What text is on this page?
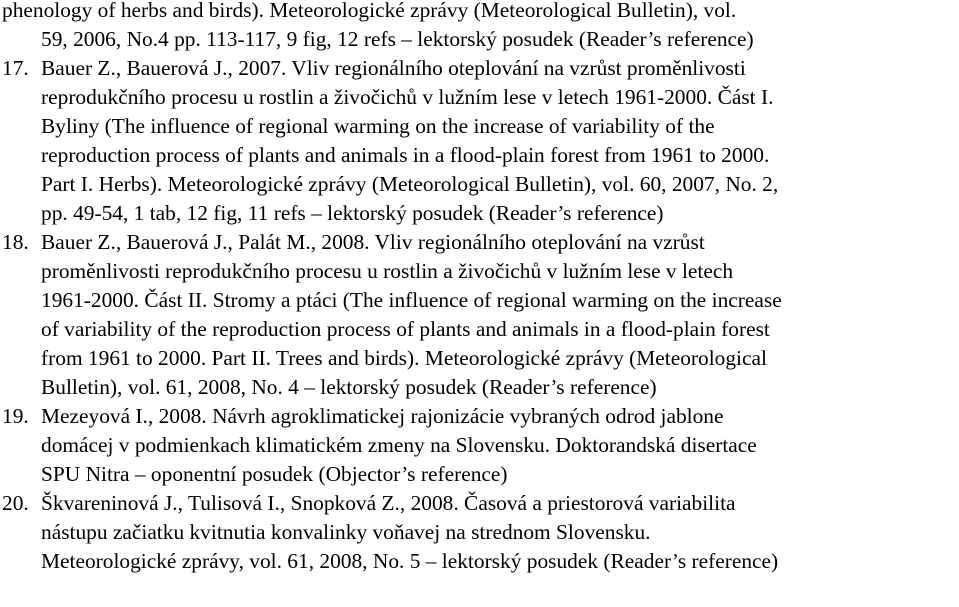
phenology of herbs and birds). Meteorologické zprávy (Meteorological Bulletin), vol.
59, 2006, No.4 pp. 113-117, 9 fig, 12 refs – lektorský posudek (Reader’s reference)
17. Bauer Z., Bauerová J., 2007. Vliv regionálního oteplování na vzrůst proměnlivosti
reprodukčního procesu u rostlin a živočichů v lužním lese v letech 1961-2000. Část I.
Byliny (The influence of regional warming on the increase of variability of the
reproduction process of plants and animals in a flood-plain forest from 1961 to 2000.
Part I. Herbs). Meteorologické zprávy (Meteorological Bulletin), vol. 60, 2007, No. 2,
pp. 49-54, 1 tab, 12 fig, 11 refs – lektorský posudek (Reader’s reference)
18. Bauer Z., Bauerová J., Palát M., 2008. Vliv regionálního oteplování na vzrůst
proměnlivosti reprodukčního procesu u rostlin a živočichů v lužním lese v letech
1961-2000. Část II. Stromy a ptáci (The influence of regional warming on the increase
of variability of the reproduction process of plants and animals in a flood-plain forest
from 1961 to 2000. Part II. Trees and birds). Meteorologické zprávy (Meteorological
Bulletin), vol. 61, 2008, No. 4 – lektorský posudek (Reader’s reference)
19. Mezeyová I., 2008. Návrh agroklimatickej rajonizácie vybraných odrod jablone
domácej v podmienkach klimatickém zmeny na Slovensku. Doktorandská disertace
SPU Nitra – oponentní posudek (Objector’s reference)
20. Škvareninová J., Tulisová I., Snopková Z., 2008. Časová a priestorová variabilita
nástupu začiatku kvitnutia konvalinky voňavej na strednom Slovensku.
Meteorologické zprávy, vol. 61, 2008, No. 5 – lektorský posudek (Reader’s reference)
